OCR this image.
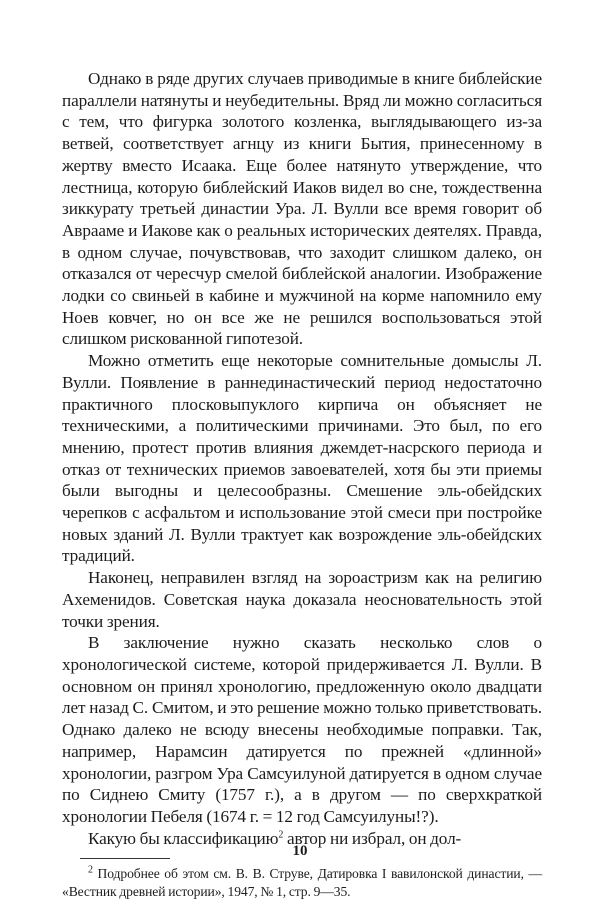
Однако в ряде других случаев приводимые в книге библейские параллели натянуты и неубедительны. Вряд ли можно согласиться с тем, что фигурка золотого козленка, выглядывающего из-за ветвей, соответствует агнцу из книги Бытия, принесенному в жертву вместо Исаака. Еще более натянуто утверждение, что лестница, которую библейский Иаков видел во сне, тождественна зиккурату третьей династии Ура. Л. Вулли все время говорит об Аврааме и Иакове как о реальных исторических деятелях. Правда, в одном случае, почувствовав, что заходит слишком далеко, он отказался от чересчур смелой библейской аналогии. Изображение лодки со свиньей в кабине и мужчиной на корме напомнило ему Ноев ковчег, но он все же не решился воспользоваться этой слишком рискованной гипотезой.

Можно отметить еще некоторые сомнительные домыслы Л. Вулли. Появление в раннединастический период недостаточно практичного плосковыпуклого кирпича он объясняет не техническими, а политическими причинами. Это был, по его мнению, протест против влияния джемдет-насрского периода и отказ от технических приемов завоевателей, хотя бы эти приемы были выгодны и целесообразны. Смешение эль-обейдских черепков с асфальтом и использование этой смеси при постройке новых зданий Л. Вулли трактует как возрождение эль-обейдских традиций.

Наконец, неправилен взгляд на зороастризм как на религию Ахеменидов. Советская наука доказала неосновательность этой точки зрения.

В заключение нужно сказать несколько слов о хронологической системе, которой придерживается Л. Вулли. В основном он принял хронологию, предложенную около двадцати лет назад С. Смитом, и это решение можно только приветствовать. Однако далеко не всюду внесены необходимые поправки. Так, например, Нарамсин датируется по прежней «длинной» хронологии, разгром Ура Самсуилуной датируется в одном случае по Сиднею Смиту (1757 г.), а в другом — по сверхкраткой хронологии Пебеля (1674 г. = 12 год Самсуилуны!?).

Какую бы классификацию$^2$ автор ни избрал, он дол-

$^2$ Подробнее об этом см. В. В. Струве, Датировка I вавилонской династии, — «Вестник древней истории», 1947, № 1, стр. 9—35.

10
